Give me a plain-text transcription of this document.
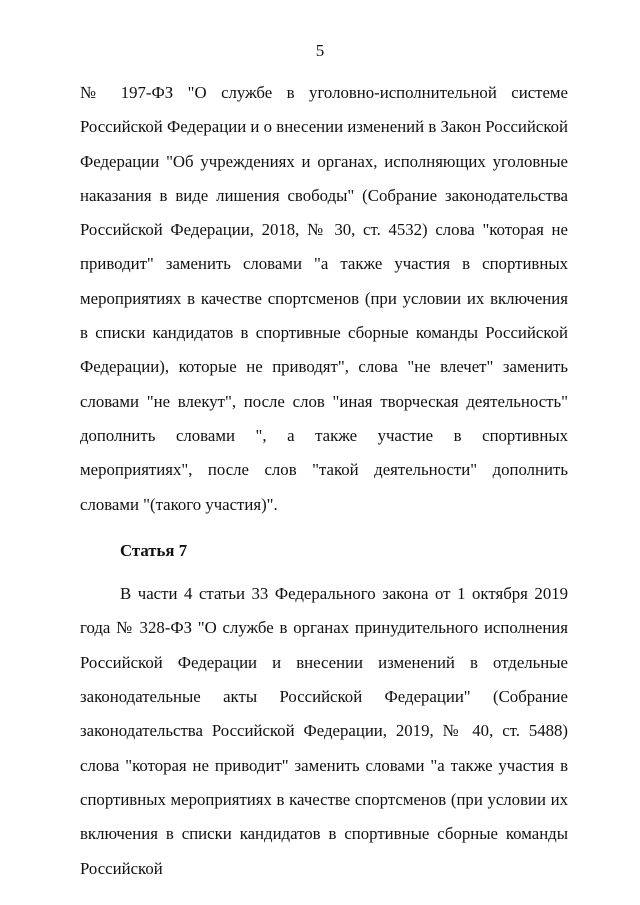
5

№ 197-ФЗ "О службе в уголовно-исполнительной системе Российской Федерации и о внесении изменений в Закон Российской Федерации "Об учреждениях и органах, исполняющих уголовные наказания в виде лишения свободы" (Собрание законодательства Российской Федерации, 2018, № 30, ст. 4532) слова "которая не приводит" заменить словами "а также участия в спортивных мероприятиях в качестве спортсменов (при условии их включения в списки кандидатов в спортивные сборные команды Российской Федерации), которые не приводят", слова "не влечет" заменить словами "не влекут", после слов "иная творческая деятельность" дополнить словами ", а также участие в спортивных мероприятиях", после слов "такой деятельности" дополнить словами "(такого участия)".

Статья 7

В части 4 статьи 33 Федерального закона от 1 октября 2019 года № 328-ФЗ "О службе в органах принудительного исполнения Российской Федерации и внесении изменений в отдельные законодательные акты Российской Федерации" (Собрание законодательства Российской Федерации, 2019, № 40, ст. 5488) слова "которая не приводит" заменить словами "а также участия в спортивных мероприятиях в качестве спортсменов (при условии их включения в списки кандидатов в спортивные сборные команды Российской
